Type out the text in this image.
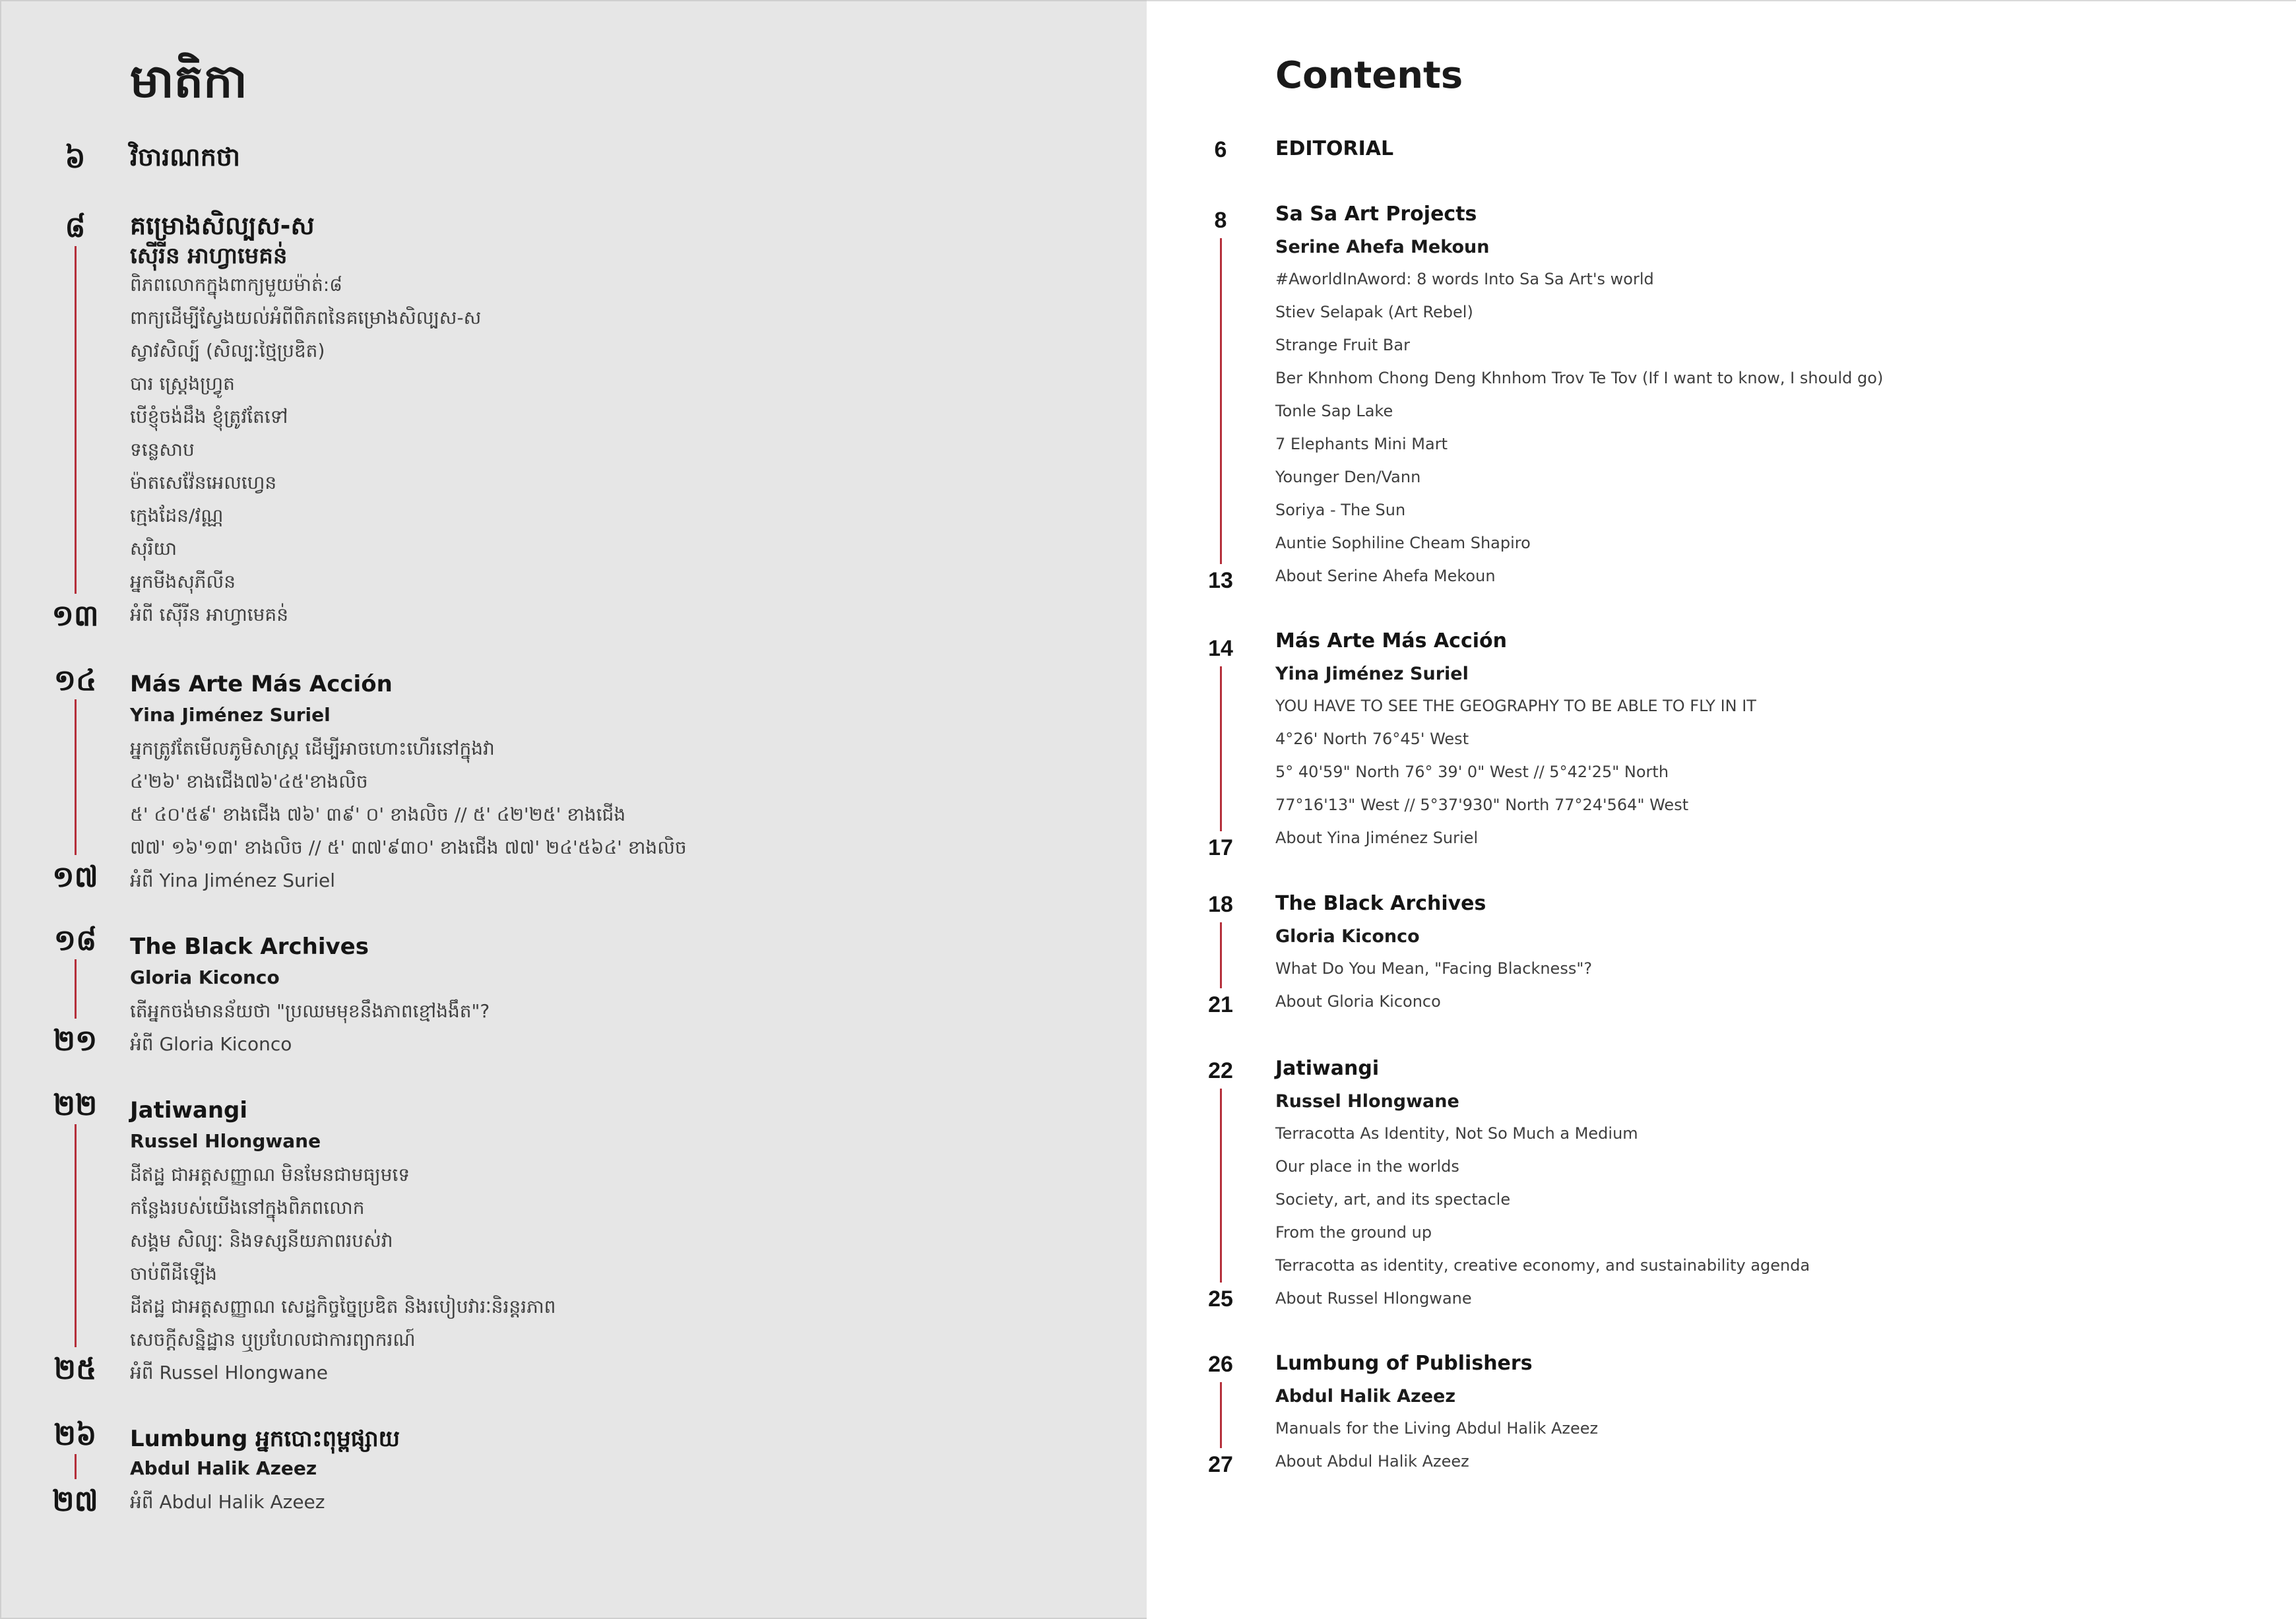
មាតិកា
៦	វិចារណកថា
៨
១៣
គម្រោងសិល្បស-ស
ស៊ើរីន អាហ្វាមេគន់
ពិភពលោកក្នុងពាក្យមួយម៉ាត់:៨
ពាក្យដើម្បីស្វែងយល់អំពីពិភពនៃគម្រោងសិល្បស-ស
ស្វាវសិល្ប៍ (សិល្បៈថ្មៃប្រឌិត)
បារ ស្ត្រេងហ្វ្រូត
បើខ្ញុំចង់ដឹង ខ្ញុំត្រូវតែទៅ
ទន្លេសាប
ម៉ាតសេវ៉ែនអេលហ្វេន
ក្មេងដែន/វណ្ណ
សុរិយា
អ្នកមីងសុភីលីន
អំពី ស៊ើរីន អាហ្វាមេគន់
១៤
១៧
Más Arte Más Acción
Yina Jiménez Suriel
អ្នកត្រូវតែមើលភូមិសាស្ត្រ ដើម្បីអាចហោះហើរនៅក្នុងវា
៤'២៦' ខាងជើង៧៦'៤៥'ខាងលិច
៥' ៤០'៥៩' ខាងជើង ៧៦' ៣៩' ០' ខាងលិច // ៥' ៤២'២៥' ខាងជើង
៧៧' ១៦'១៣' ខាងលិច // ៥' ៣៧'៩៣០' ខាងជើង ៧៧' ២៤'៥៦៤' ខាងលិច
អំពី Yina Jiménez Suriel
១៨
២១
The Black Archives
Gloria Kiconco
តើអ្នកចង់មានន័យថា "ប្រឈមមុខនឹងភាពខ្មៅងងឹត"?
អំពី Gloria Kiconco
២២
២៥
Jatiwangi
Russel Hlongwane
ដីឥដ្ឋ ជាអត្តសញ្ញាណ មិនមែនជាមធ្យមទេ
កន្លែងរបស់យើងនៅក្នុងពិភពលោក
សង្គម សិល្បៈ និងទស្សនីយភាពរបស់វា
ចាប់ពីដីឡើង
ដីឥដ្ឋ ជាអត្តសញ្ញាណ សេដ្ឋកិច្ចច្នៃប្រឌិត និងរបៀបវារៈនិរន្តរភាព
សេចក្តីសន្និដ្ឋាន ឬប្រហែលជាការព្យាករណ៍
អំពី Russel Hlongwane
២៦
២៧
Lumbung អ្នកបោះពុម្ពផ្សាយ
Abdul Halik Azeez
អំពី Abdul Halik Azeez
Contents
6	EDITORIAL
8
13
Sa Sa Art Projects
Serine Ahefa Mekoun
#AworldInAword: 8 words Into Sa Sa Art's world
Stiev Selapak (Art Rebel)
Strange Fruit Bar
Ber Khnhom Chong Deng Khnhom Trov Te Tov (If I want to know, I should go)
Tonle Sap Lake
7 Elephants Mini Mart
Younger Den/Vann
Soriya - The Sun
Auntie Sophiline Cheam Shapiro
About Serine Ahefa Mekoun
14
17
Más Arte Más Acción
Yina Jiménez Suriel
YOU HAVE TO SEE THE GEOGRAPHY TO BE ABLE TO FLY IN IT
4°26' North 76°45' West
5° 40'59" North 76° 39' 0" West // 5°42'25" North
77°16'13" West // 5°37'930" North 77°24'564" West
About Yina Jiménez Suriel
18
21
The Black Archives
Gloria Kiconco
What Do You Mean, "Facing Blackness"?
About Gloria Kiconco
22
25
Jatiwangi
Russel Hlongwane
Terracotta As Identity, Not So Much a Medium
Our place in the worlds
Society, art, and its spectacle
From the ground up
Terracotta as identity, creative economy, and sustainability agenda
About Russel Hlongwane
26
27
Lumbung of Publishers
Abdul Halik Azeez
Manuals for the Living Abdul Halik Azeez
About Abdul Halik Azeez
